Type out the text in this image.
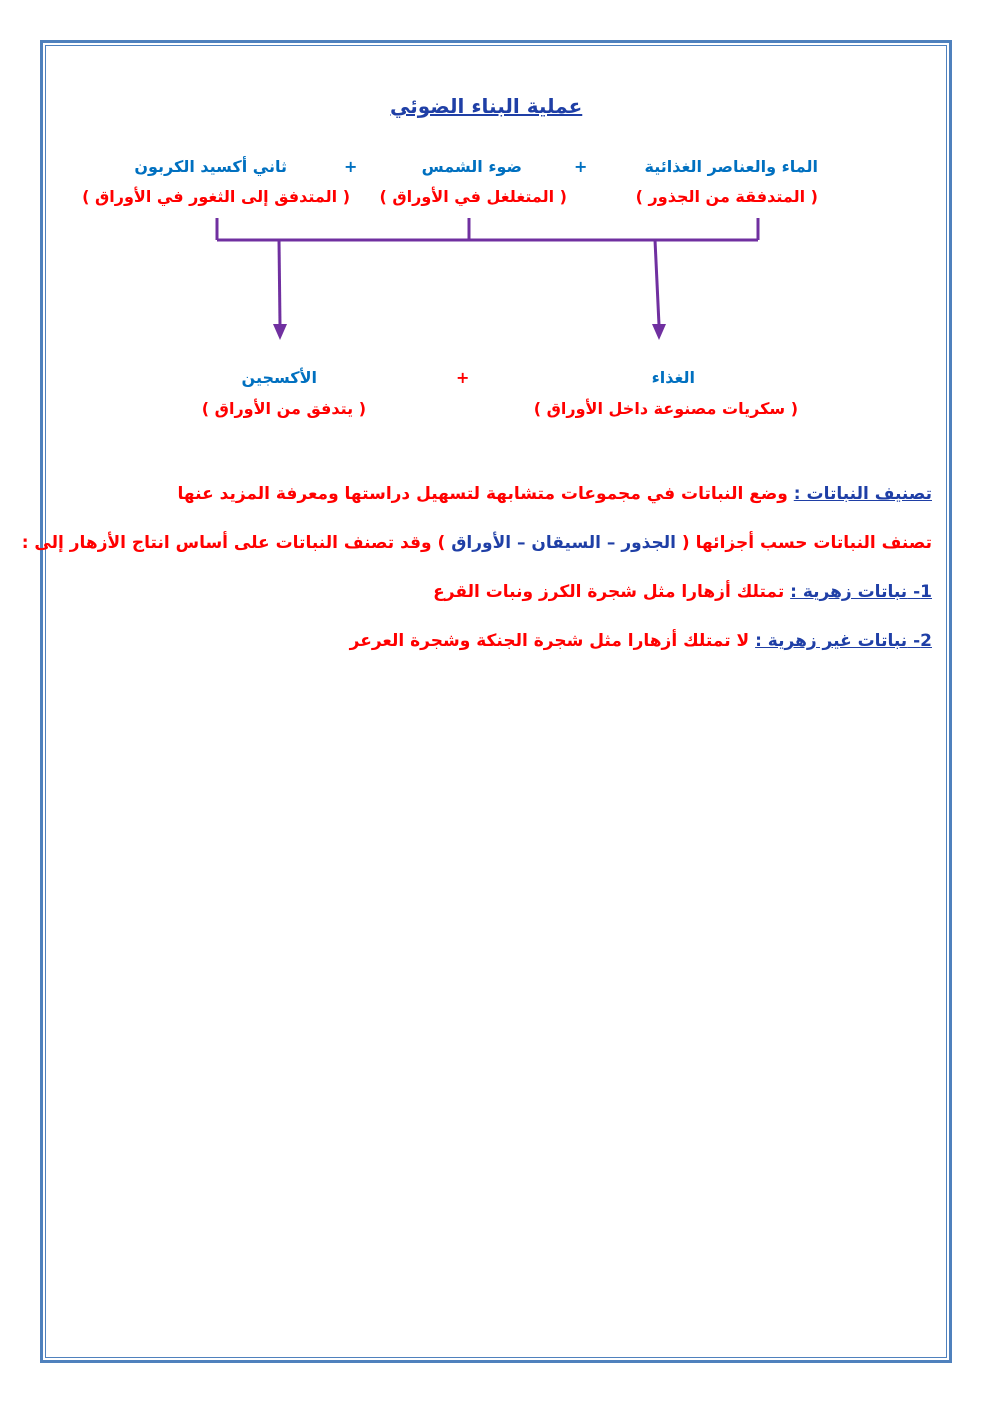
عملية البناء الضوئي
الماء والعناصر الغذائية
( المتدفقة من الجذور )
+
ضوء الشمس
( المتغلغل في الأوراق )
+
ثاني أكسيد الكربون
( المتدفق إلى الثغور في الأوراق )
الغذاء
( سكريات مصنوعة داخل الأوراق )
+
الأكسجين
( يتدفق من الأوراق )
تصنيف النباتات : وضع النباتات في مجموعات متشابهة لتسهيل دراستها ومعرفة المزيد عنها
تصنف النباتات حسب أجزائها ( الجذور – السيقان – الأوراق ) وقد تصنف النباتات على أساس انتاج الأزهار إلى :
1- نباتات زهرية : تمتلك أزهارا مثل شجرة الكرز ونبات القرع
2- نباتات غير زهرية : لا تمتلك أزهارا مثل شجرة الجنكة وشجرة العرعر
